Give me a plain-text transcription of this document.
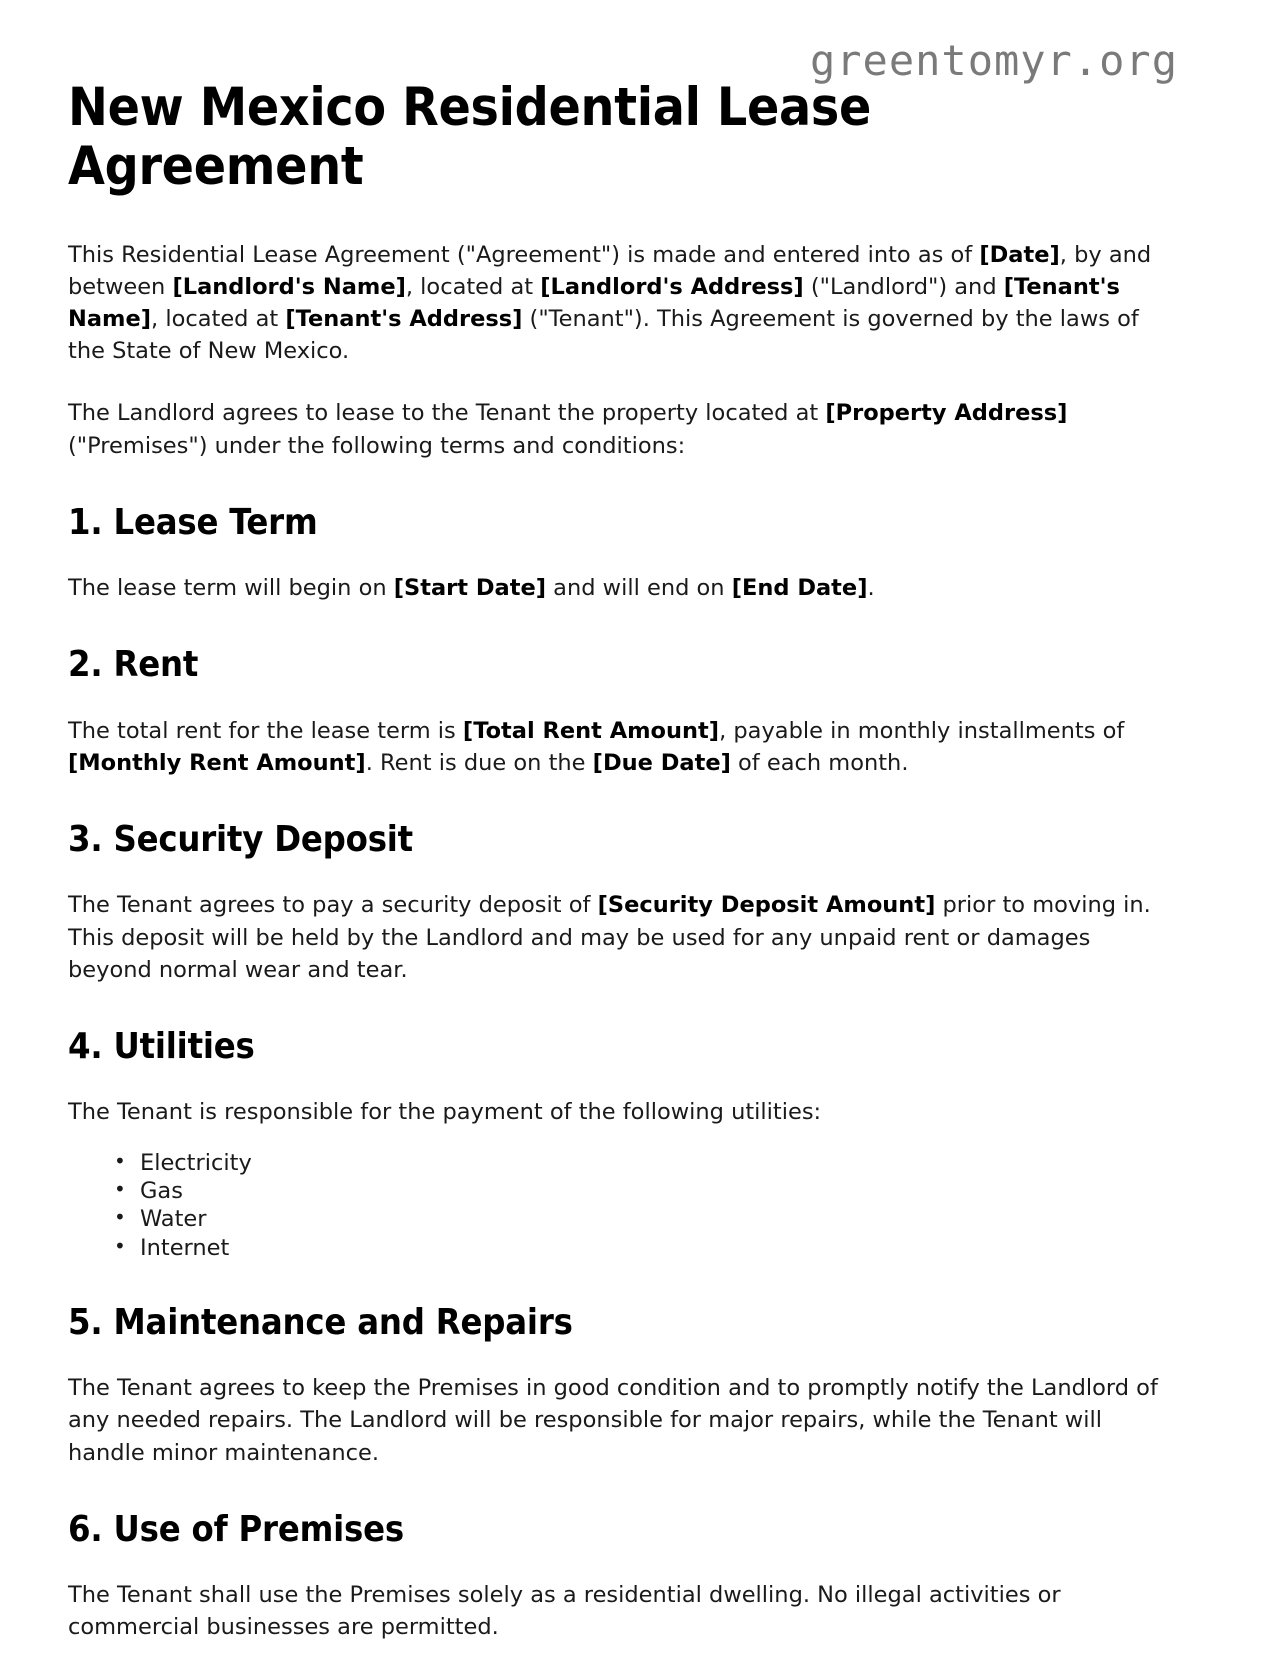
greentomyr.org
New Mexico Residential Lease Agreement

This Residential Lease Agreement ("Agreement") is made and entered into as of [Date], by and between [Landlord's Name], located at [Landlord's Address] ("Landlord") and [Tenant's Name], located at [Tenant's Address] ("Tenant"). This Agreement is governed by the laws of the State of New Mexico.

The Landlord agrees to lease to the Tenant the property located at [Property Address] ("Premises") under the following terms and conditions:

1. Lease Term

The lease term will begin on [Start Date] and will end on [End Date].

2. Rent

The total rent for the lease term is [Total Rent Amount], payable in monthly installments of [Monthly Rent Amount]. Rent is due on the [Due Date] of each month.

3. Security Deposit

The Tenant agrees to pay a security deposit of [Security Deposit Amount] prior to moving in. This deposit will be held by the Landlord and may be used for any unpaid rent or damages beyond normal wear and tear.

4. Utilities

The Tenant is responsible for the payment of the following utilities:

• Electricity
• Gas
• Water
• Internet
5. Maintenance and Repairs

The Tenant agrees to keep the Premises in good condition and to promptly notify the Landlord of any needed repairs. The Landlord will be responsible for major repairs, while the Tenant will handle minor maintenance.

6. Use of Premises

The Tenant shall use the Premises solely as a residential dwelling. No illegal activities or commercial businesses are permitted.
